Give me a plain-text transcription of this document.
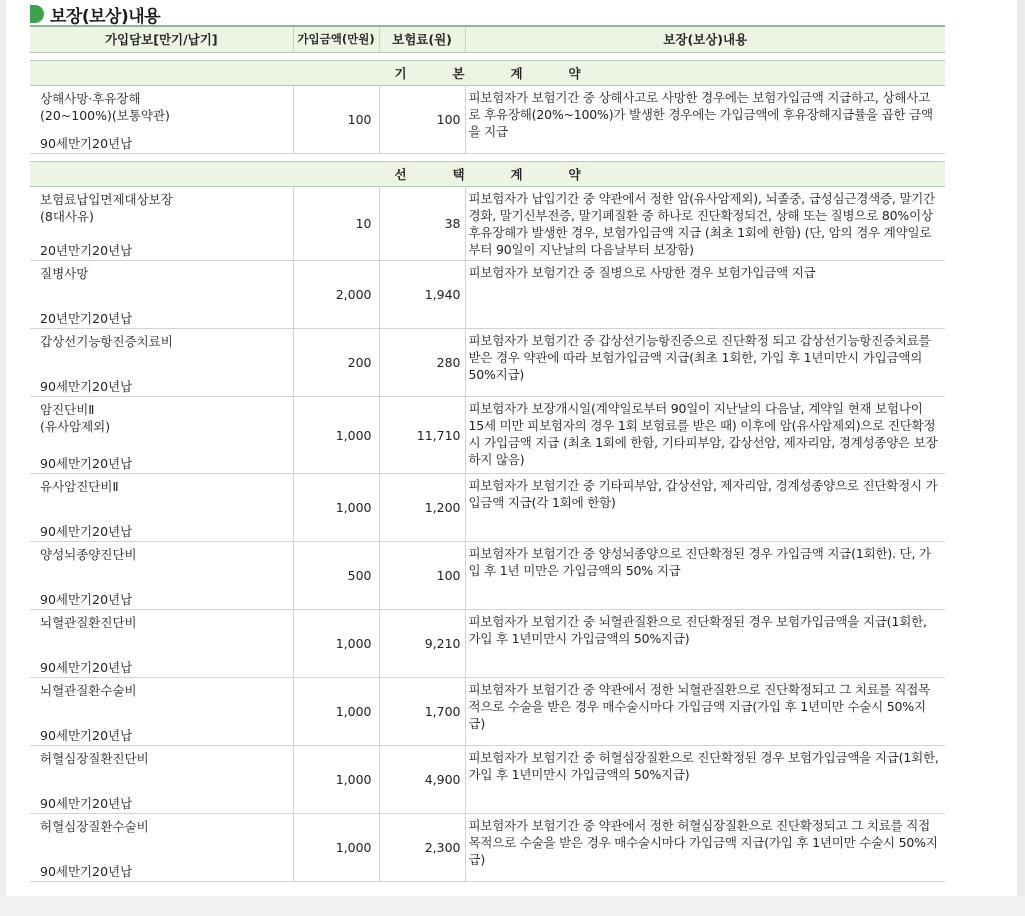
보장(보상)내용
가입담보[만기/납기]	가입금액(만원)	보험료(원)	보장(보상)내용

기 본 계 약			

상해사망·후유장해
(20~100%)(보통약관)
90세만기20년납	100	100	피보험자가 보험기간 중 상해사고로 사망한 경우에는 보험가입금액 지급하고, 상해사고로 후유장해(20%~100%)가 발생한 경우에는 가입금액에 후유장해지급률을 곱한 금액을 지급

선 택 계 약			

보험료납입면제대상보장
(8대사유)
20년만기20년납	10	38	피보험자가 납입기간 중 약관에서 정한 암(유사암제외), 뇌졸중, 급성심근경색증, 말기간경화, 말기신부전증, 말기폐질환 중 하나로 진단확정되건, 상해 또는 질병으로 80%이상후유장해가 발생한 경우, 보험가입금액 지급 (최초 1회에 한함) (단, 암의 경우 계약일로부터 90일이 지난날의 다음날부터 보장함)

질병사망
20년만기20년납	2,000	1,940	피보험자가 보험기간 중 질병으로 사망한 경우 보험가입금액 지급

갑상선기능항진증치료비
90세만기20년납	200	280	피보험자가 보험기간 중 갑상선기능항진증으로 진단확정 되고 갑상선기능항진증치료를 받은 경우 약관에 따라 보험가입금액 지급(최초 1회한, 가입 후 1년미만시 가입금액의 50%지급)

암진단비Ⅱ
(유사암제외)
90세만기20년납	1,000	11,710	피보험자가 보장개시일(계약일로부터 90일이 지난날의 다음날, 계약일 현재 보험나이 15세 미만 피보험자의 경우 1회 보험료를 받은 때) 이후에 암(유사암제외)으로 진단확정시 가입금액 지급 (최초 1회에 한함, 기타피부암, 갑상선암, 제자리암, 경계성종양은 보장하지 않음)

유사암진단비Ⅱ
90세만기20년납	1,000	1,200	피보험자가 보험기간 중 기타피부암, 갑상선암, 제자리암, 경계성종양으로 진단확정시 가입금액 지급(각 1회에 한함)

양성뇌종양진단비
90세만기20년납	500	100	피보험자가 보험기간 중 양성뇌종양으로 진단확정된 경우 가입금액 지급(1회한). 단, 가입 후 1년 미만은 가입금액의 50% 지급

뇌혈관질환진단비
90세만기20년납	1,000	9,210	피보험자가 보험기간 중 뇌혈관질환으로 진단확정된 경우 보험가입금액을 지급(1회한, 가입 후 1년미만시 가입금액의 50%지급)

뇌혈관질환수술비
90세만기20년납	1,000	1,700	피보험자가 보험기간 중 약관에서 정한 뇌혈관질환으로 진단확정되고 그 치료를 직접목적으로 수술을 받은 경우 매수술시마다 가입금액 지급(가입 후 1년미만 수술시 50%지급)

허혈심장질환진단비
90세만기20년납	1,000	4,900	피보험자가 보험기간 중 허혈심장질환으로 진단확정된 경우 보험가입금액을 지급(1회한, 가입 후 1년미만시 가입금액의 50%지급)

허혈심장질환수술비
90세만기20년납	1,000	2,300	피보험자가 보험기간 중 약관에서 정한 허혈심장질환으로 진단확정되고 그 치료를 직접목적으로 수술을 받은 경우 매수술시마다 가입금액 지급(가입 후 1년미만 수술시 50%지급)
